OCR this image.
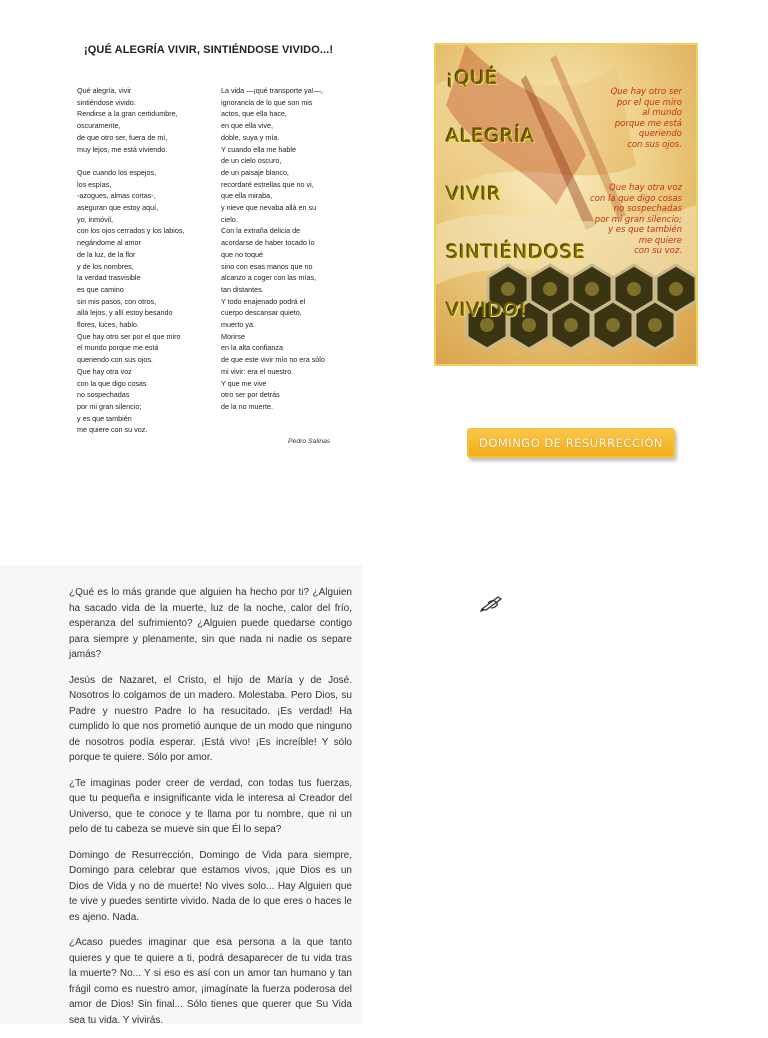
¡QUÉ ALEGRÍA VIVIR, SINTIÉNDOSE VIVIDO...!
Qué alegría, vivir
sintiéndose vivido.
Rendirse a la gran certidumbre,
oscuramente,
de que otro ser, fuera de mí,
muy lejos, me está viviendo.
Que cuando los espejos,
los espías,
-azogues, almas cortas-,
aseguran que estoy aquí,
yo, inmóvil,
con los ojos cerrados y los labios,
negándome al amor
de la luz, de la flor
y de los nombres,
la verdad trasvisible
es que camino
sin mis pasos, con otros,
allá lejos, y allí estoy besando
flores, luces, hablo.
Que hay otro ser por el que miro
el mundo porque me está
queriendo con sus ojos.
Que hay otra voz
con la que digo cosas
no sospechadas
por mi gran silencio;
y es que también
me quiere con su voz.
La vida —¡qué transporte ya!—,
ignorancia de lo que son mis
actos, que ella hace,
en que ella vive,
doble, suya y mía.
Y cuando ella me hable
de un cielo oscuro,
de un paisaje blanco,
recordaré estrellas que no vi,
que ella miraba,
y nieve que nevaba allá en su
cielo.
Con la extraña delicia de
acordarse de haber tocado lo
que no toqué
sino con esas manos que no
alcanzo a coger con las mías,
tan distantes.
Y todo enajenado podrá el
cuerpo descansar quieto,
muerto ya.
Morirse
en la alta confianza
de que este vivir mío no era sólo
mi vivir: era el nuestro.
Y que me vive
otro ser por detrás
de la no muerte.
Pedro Salinas
¡QUÉ
ALEGRÍA
VIVIR
SINTIÉNDOSE
VIVIDO!
Que hay otro ser
por el que miro
al mundo
porque me está
queriendo
con sus ojos.
Que hay otra voz
con la que digo cosas
no sospechadas
por mi gran silencio;
y es que también
me quiere
con su voz.
DOMINGO DE RESURRECCIÓN

¿Qué es lo más grande que alguien ha hecho por ti? ¿Alguien ha sacado vida de la muerte, luz de la noche, calor del frío, esperanza del sufrimiento? ¿Alguien puede quedarse contigo para siempre y plenamente, sin que nada ni nadie os separe jamás?

Jesús de Nazaret, el Cristo, el hijo de María y de José. Nosotros lo colgamos de un madero. Molestaba. Pero Dios, su Padre y nuestro Padre lo ha resucitado. ¡Es verdad! Ha cumplido lo que nos prometió aunque de un modo que ninguno de nosotros podía esperar. ¡Está vivo! ¡Es increíble! Y sólo porque te quiere. Sólo por amor.

¿Te imaginas poder creer de verdad, con todas tus fuerzas, que tu pequeña e insignificante vida le interesa al Creador del Universo, que te conoce y te llama por tu nombre, que ni un pelo de tu cabeza se mueve sin que Él lo sepa?

Domingo de Resurrección, Domingo de Vida para siempre, Domingo para celebrar que estamos vivos, ¡que Dios es un Dios de Vida y no de muerte! No vives solo... Hay Alguien que te vive y puedes sentirte vivido. Nada de lo que eres o haces le es ajeno. Nada.

¿Acaso puedes imaginar que esa persona a la que tanto quieres y que te quiere a ti, podrá desaparecer de tu vida tras la muerte? No... Y si eso es así con un amor tan humano y tan frágil como es nuestro amor, ¡imagínate la fuerza poderosa del amor de Dios! Sin final... Sólo tienes que querer que Su Vida sea tu vida. Y vivirás.
